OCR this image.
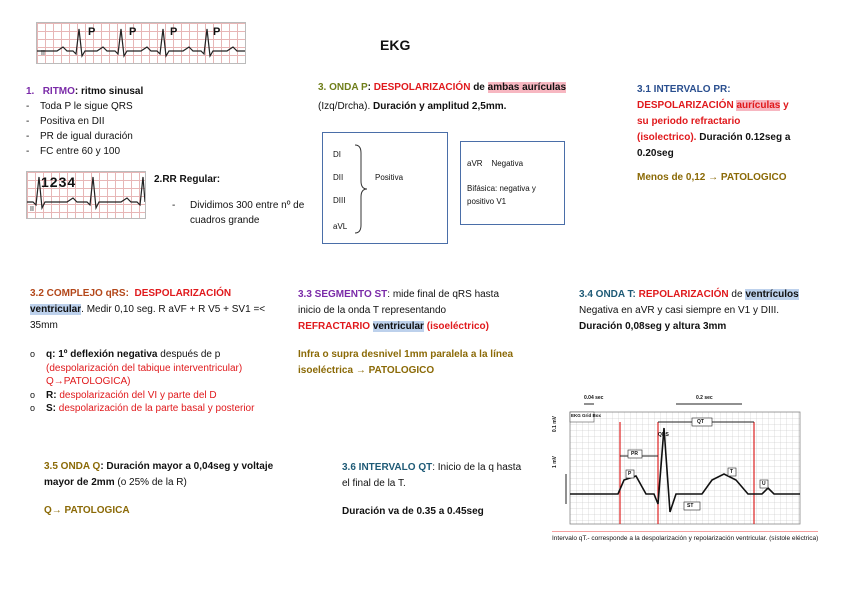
P	P	P	P
II
EKG
1. RITMO: ritmo sinusal
- Toda P le sigue QRS
- Positiva en DII
- PR de igual duración
- FC entre 60 y 100
1234
II
2.RR Regular:
- Dividimos 300 entre nº de cuadros grande
3. ONDA P: DESPOLARIZACIÓN de ambas aurículas
(Izq/Drcha). Duración y amplitud 2,5mm.
DI
DII
DIII
aVL
Positiva
aVR Negativa
Bifásica: negativa y positivo V1
3.1 INTERVALO PR:
DESPOLARIZACIÓN aurículas y
su periodo refractario
(isolectrico). Duración 0.12seg a 0.20seg
Menos de 0,12 → PATOLOGICO
3.2 COMPLEJO qRS: DESPOLARIZACIÓN
ventricular. Medir 0,10 seg. R aVF + R V5 + SV1 =< 35mm
o q: 1º deflexión negativa después de p (despolarización del tabique interventricular) Q→PATOLOGICA)
o R: despolarización del VI y parte del D
o S: despolarización de la parte basal y posterior
3.3 SEGMENTO ST: mide final de qRS hasta inicio de la onda T representando
REFRACTARIO ventricular (isoeléctrico)
Infra o supra desnivel 1mm paralela a la línea isoeléctrica → PATOLOGICO
3.4 ONDA T: REPOLARIZACIÓN de ventrículos
Negativa en aVR y casi siempre en V1 y DIII.
Duración 0,08seg y altura 3mm
3.5 ONDA Q: Duración mayor a 0,04seg y voltaje mayor de 2mm (o 25% de la R)
Q→ PATOLOGICA
3.6 INTERVALO QT: Inicio de la q hasta el final de la T.
Duración va de 0.35 a 0.45seg
0.04 sec	0.2 sec
EKG Grid Box
0.1 mV
1 mV
QT
QRS
PR
P	T
U
ST
Intervalo qT.- corresponde a la despolarización y repolarización ventricular. (sístole eléctrica)
